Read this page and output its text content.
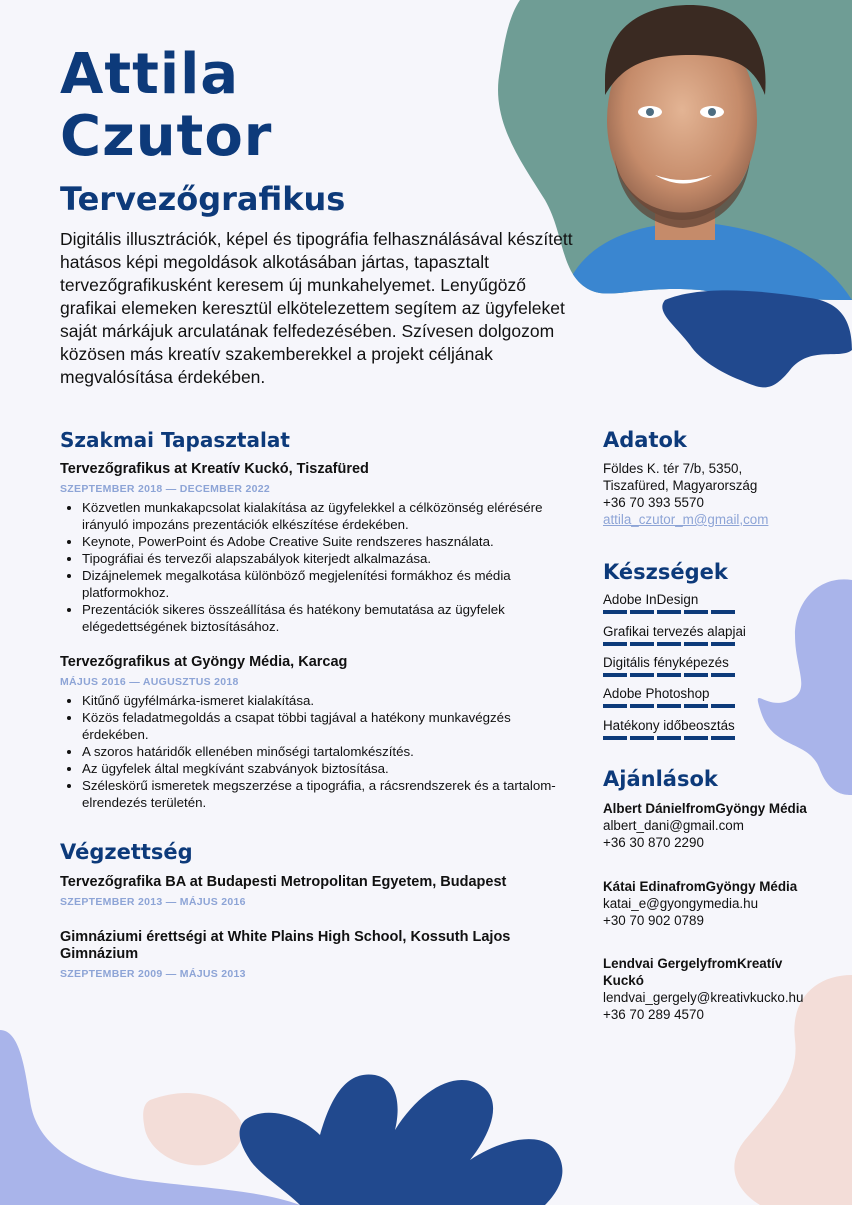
Attila
Czutor
Tervezőgrafikus
Digitális illusztrációk, képel és tipográfia felhasználásával készített hatásos képi megoldások alkotásában jártas, tapasztalt tervezőgrafikusként keresem új munkahelyemet. Lenyűgöző grafikai elemeken keresztül elkötelezettem segítem az ügyfeleket saját márkájuk arculatának felfedezésében. Szívesen dolgozom közösen más kreatív szakemberekkel a projekt céljának megvalósítása érdekében.
Szakmai Tapasztalat
Tervezőgrafikus at Kreatív Kuckó, Tiszafüred
SZEPTEMBER 2018 — DECEMBER 2022
• Közvetlen munkakapcsolat kialakítása az ügyfelekkel a célközönség elérésére irányuló impozáns prezentációk elkészítése érdekében.
• Keynote, PowerPoint és Adobe Creative Suite rendszeres használata.
• Tipográfiai és tervezői alapszabályok kiterjedt alkalmazása.
• Dizájnelemek megalkotása különböző megjelenítési formákhoz és média platformokhoz.
• Prezentációk sikeres összeállítása és hatékony bemutatása az ügyfelek elégedettségének biztosításához.
Tervezőgrafikus at Gyöngy Média, Karcag
MÁJUS 2016 — AUGUSZTUS 2018
• Kitűnő ügyfélmárka-ismeret kialakítása.
• Közös feladatmegoldás a csapat többi tagjával a hatékony munkavégzés érdekében.
• A szoros határidők ellenében minőségi tartalomkészítés.
• Az ügyfelek által megkívánt szabványok biztosítása.
• Széleskörű ismeretek megszerzése a tipográfia, a rácsrendszerek és a tartalom-elrendezés területén.
Végzettség
Tervezőgrafika BA at Budapesti Metropolitan Egyetem, Budapest
SZEPTEMBER 2013 — MÁJUS 2016
Gimnáziumi érettségi at White Plains High School, Kossuth Lajos Gimnázium
SZEPTEMBER 2009 — MÁJUS 2013
Adatok
Földes K. tér 7/b, 5350,
Tiszafüred, Magyarország
+36 70 393 5570
attila_czutor_m@gmail,com
Készségek
Adobe InDesign
Grafikai tervezés alapjai
Digitális fényképezés
Adobe Photoshop
Hatékony időbeosztás
Ajánlások
Albert DánielfromGyöngy Média
albert_dani@gmail.com
+36 30 870 2290
Kátai EdinafromGyöngy Média
katai_e@gyongymedia.hu
+30 70 902 0789
Lendvai GergelyfromKreatív Kuckó
lendvai_gergely@kreativkucko.hu
+36 70 289 4570
